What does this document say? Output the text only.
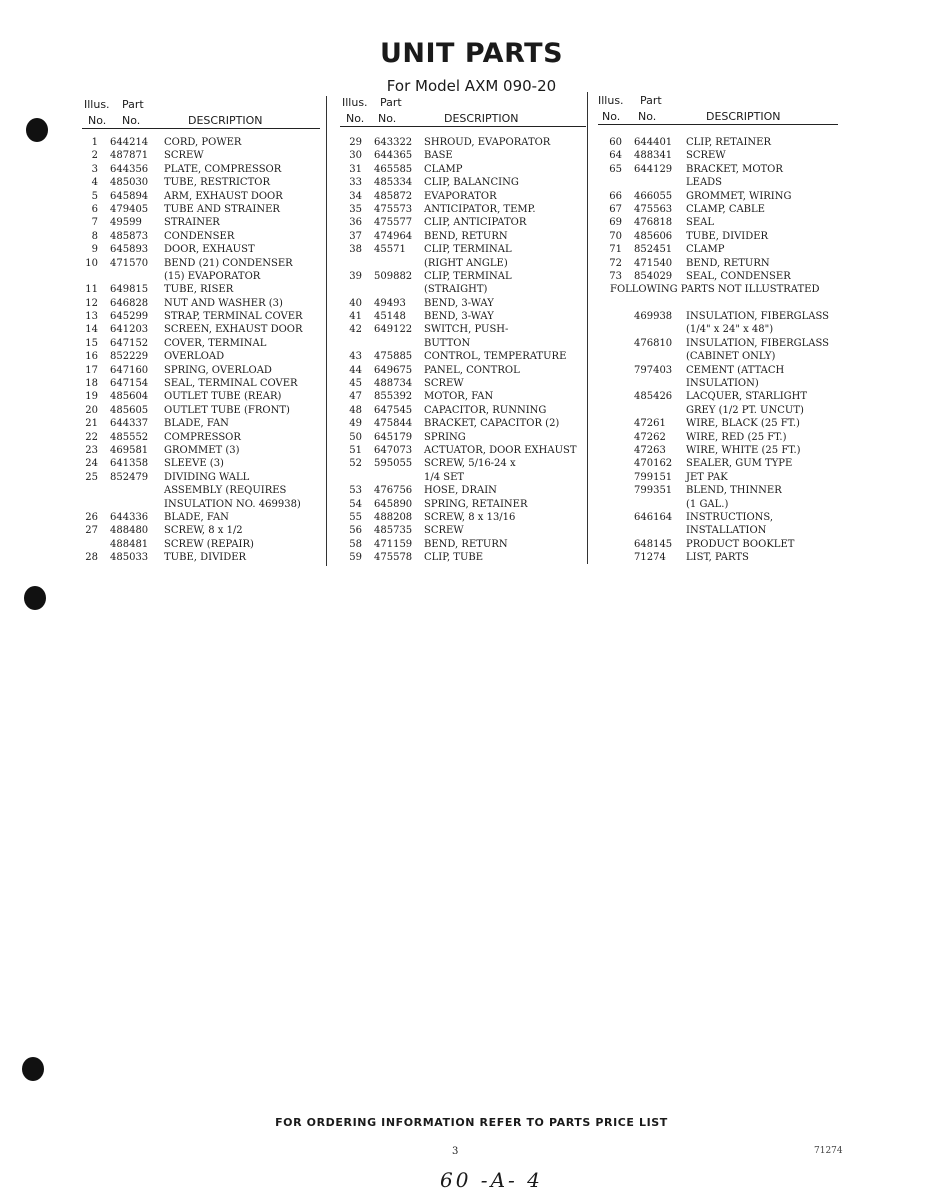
UNIT PARTS
For Model AXM 090-20
Illus. Part
No. No.	DESCRIPTION
1 644214	CORD, POWER
2 487871	SCREW
3 644356	PLATE, COMPRESSOR
4 485030	TUBE, RESTRICTOR
5 645894	ARM, EXHAUST DOOR
6 479405	TUBE AND STRAINER
7 49599	STRAINER
8 485873	CONDENSER
9 645893	DOOR, EXHAUST
10 471570	BEND (21) CONDENSER
(15) EVAPORATOR
11 649815	TUBE, RISER
12 646828	NUT AND WASHER (3)
13 645299	STRAP, TERMINAL COVER
14 641203	SCREEN, EXHAUST DOOR
15 647152	COVER, TERMINAL
16 852229	OVERLOAD
17 647160	SPRING, OVERLOAD
18 647154	SEAL, TERMINAL COVER
19 485604	OUTLET TUBE (REAR)
20 485605	OUTLET TUBE (FRONT)
21 644337	BLADE, FAN
22 485552	COMPRESSOR
23 469581	GROMMET (3)
24 641358	SLEEVE (3)
25 852479	DIVIDING WALL
ASSEMBLY (REQUIRES
INSULATION NO. 469938)
26 644336	BLADE, FAN
27 488480	SCREW, 8 x 1/2
488481	SCREW (REPAIR)
28 485033	TUBE, DIVIDER
Illus. Part
No. No.	DESCRIPTION
29 643322	SHROUD, EVAPORATOR
30 644365	BASE
31 465585	CLAMP
33 485334	CLIP, BALANCING
34 485872	EVAPORATOR
35 475573	ANTICIPATOR, TEMP.
36 475577	CLIP, ANTICIPATOR
37 474964	BEND, RETURN
38 45571	CLIP, TERMINAL
(RIGHT ANGLE)
39 509882	CLIP, TERMINAL
(STRAIGHT)
40 49493	BEND, 3-WAY
41 45148	BEND, 3-WAY
42 649122	SWITCH, PUSH-
BUTTON
43 475885	CONTROL, TEMPERATURE
44 649675	PANEL, CONTROL
45 488734	SCREW
47 855392	MOTOR, FAN
48 647545	CAPACITOR, RUNNING
49 475844	BRACKET, CAPACITOR (2)
50 645179	SPRING
51 647073	ACTUATOR, DOOR EXHAUST
52 595055	SCREW, 5/16-24 x
1/4 SET
53 476756	HOSE, DRAIN
54 645890	SPRING, RETAINER
55 488208	SCREW, 8 x 13/16
56 485735	SCREW
58 471159	BEND, RETURN
59 475578	CLIP, TUBE
Illus. Part
No. No.	DESCRIPTION
60 644401	CLIP, RETAINER
64 488341	SCREW
65 644129	BRACKET, MOTOR
LEADS
66 466055	GROMMET, WIRING
67 475563	CLAMP, CABLE
69 476818	SEAL
70 485606	TUBE, DIVIDER
71 852451	CLAMP
72 471540	BEND, RETURN
73 854029	SEAL, CONDENSER
FOLLOWING PARTS NOT ILLUSTRATED
469938	INSULATION, FIBERGLASS
(1/4" x 24" x 48")
476810	INSULATION, FIBERGLASS
(CABINET ONLY)
797403	CEMENT (ATTACH
INSULATION)
485426	LACQUER, STARLIGHT
GREY (1/2 PT. UNCUT)
47261	WIRE, BLACK (25 FT.)
47262	WIRE, RED (25 FT.)
47263	WIRE, WHITE (25 FT.)
470162	SEALER, GUM TYPE
799151	JET PAK
799351	BLEND, THINNER
(1 GAL.)
646164	INSTRUCTIONS,
INSTALLATION
648145	PRODUCT BOOKLET
71274	LIST, PARTS
FOR ORDERING INFORMATION REFER TO PARTS PRICE LIST
3	71274
60 -A- 4
